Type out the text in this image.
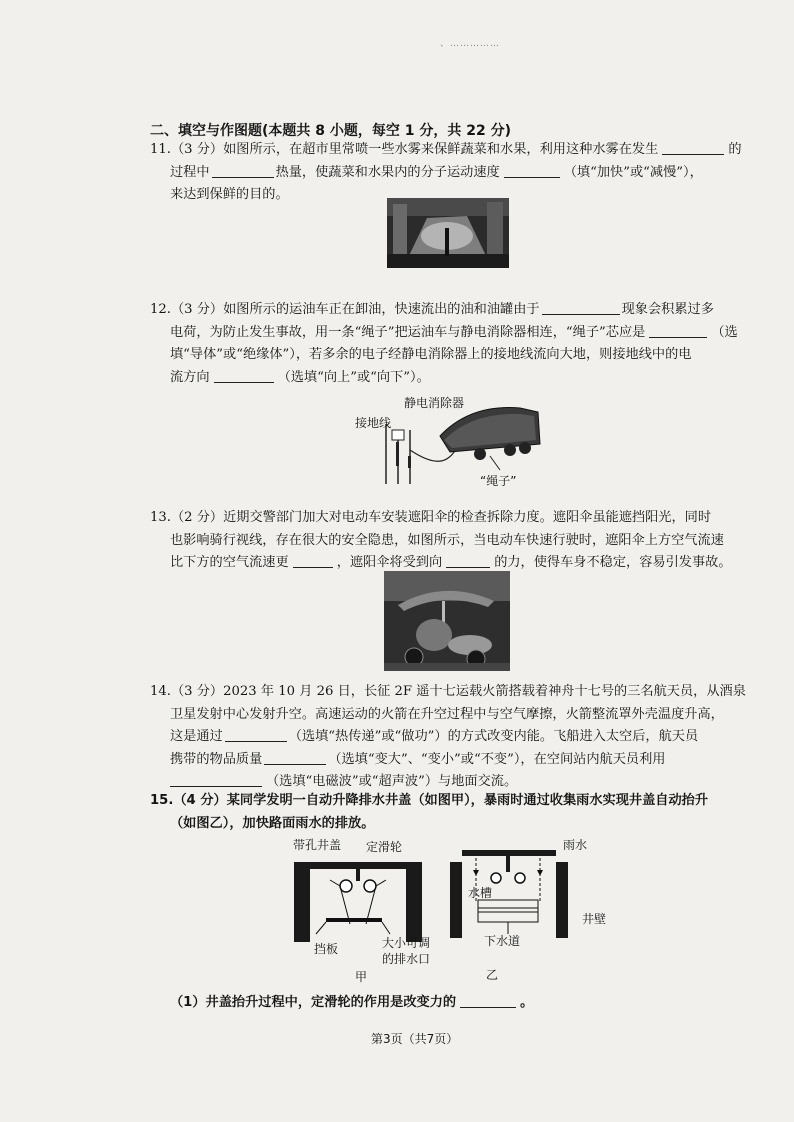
、……………
二、填空与作图题(本题共 8 小题，每空 1 分，共 22 分)
11.（3 分）如图所示，在超市里常喷一些水雾来保鲜蔬菜和水果，利用这种水雾在发生	的
过程中	热量，使蔬菜和水果内的分子运动速度	（填“加快”或“减慢”），
来达到保鲜的目的。
12.（3 分）如图所示的运油车正在卸油，快速流出的油和油罐由于	现象会积累过多
电荷，为防止发生事故，用一条“绳子”把运油车与静电消除器相连，“绳子”芯应是	（选
填“导体”或“绝缘体”），若多余的电子经静电消除器上的接地线流向大地，则接地线中的电
流方向	（选填“向上”或“向下”）。
接地线
静电消除器
“绳子”
13.（2 分）近期交警部门加大对电动车安装遮阳伞的检查拆除力度。遮阳伞虽能遮挡阳光，同时
也影响骑行视线，存在很大的安全隐患，如图所示，当电动车快速行驶时，遮阳伞上方空气流速
比下方的空气流速更	，遮阳伞将受到向	的力，使得车身不稳定，容易引发事故。
14.（3 分）2023 年 10 月 26 日，长征 2F 遥十七运载火箭搭载着神舟十七号的三名航天员，从酒泉
卫星发射中心发射升空。高速运动的火箭在升空过程中与空气摩擦，火箭整流罩外壳温度升高，
这是通过	（选填“热传递”或“做功”）的方式改变内能。飞船进入太空后，航天员
携带的物品质量	（选填“变大”、“变小”或“不变”），在空间站内航天员利用
（选填“电磁波”或“超声波”）与地面交流。
15.（4 分）某同学发明一自动升降排水井盖（如图甲），暴雨时通过收集雨水实现井盖自动抬升
（如图乙），加快路面雨水的排放。
带孔井盖 定滑轮
挡板	大小可调
的排水口
甲
雨水
水槽
井壁
下水道
乙
（1）井盖抬升过程中，定滑轮的作用是改变力的	。
第3页（共7页）
